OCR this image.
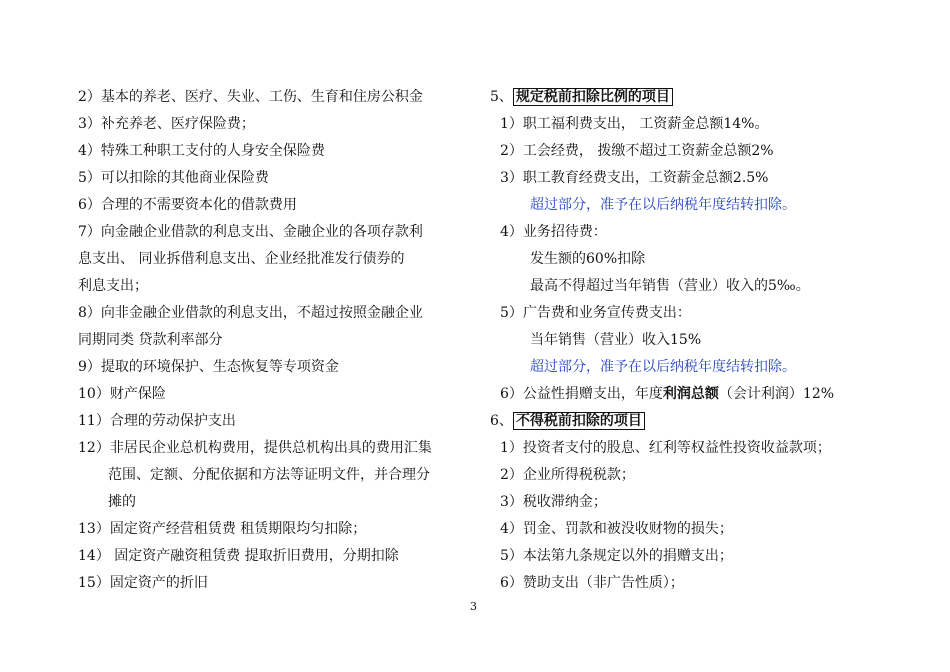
2）基本的养老、医疗、失业、工伤、生育和住房公积金
3）补充养老、医疗保险费；
4）特殊工种职工支付的人身安全保险费
5）可以扣除的其他商业保险费
6）合理的不需要资本化的借款费用
7）向金融企业借款的利息支出、金融企业的各项存款利
息支出、 同业拆借利息支出、企业经批准发行债券的
利息支出；
8）向非金融企业借款的利息支出，不超过按照金融企业
同期同类 贷款利率部分
9）提取的环境保护、生态恢复等专项资金
10）财产保险
11）合理的劳动保护支出
12）非居民企业总机构费用，提供总机构出具的费用汇集
范围、定额、分配依据和方法等证明文件，并合理分
摊的
13）固定资产经营租赁费 租赁期限均匀扣除；
14） 固定资产融资租赁费 提取折旧费用，分期扣除
15）固定资产的折旧
5、 规定税前扣除比例的项目
1）职工福利费支出， 工资薪金总额14%。
2）工会经费， 拨缴不超过工资薪金总额2%
3）职工教育经费支出，工资薪金总额2.5%
超过部分，准予在以后纳税年度结转扣除。
4）业务招待费：
发生额的60%扣除
最高不得超过当年销售（营业）收入的5‰。
5）广告费和业务宣传费支出：
当年销售（营业）收入15%
超过部分，准予在以后纳税年度结转扣除。
6）公益性捐赠支出，年度利润总额（会计利润）12%
6、 不得税前扣除的项目
1）投资者支付的股息、红利等权益性投资收益款项；
2）企业所得税税款；
3）税收滞纳金；
4）罚金、罚款和被没收财物的损失；
5）本法第九条规定以外的捐赠支出；
6）赞助支出（非广告性质）；
3
